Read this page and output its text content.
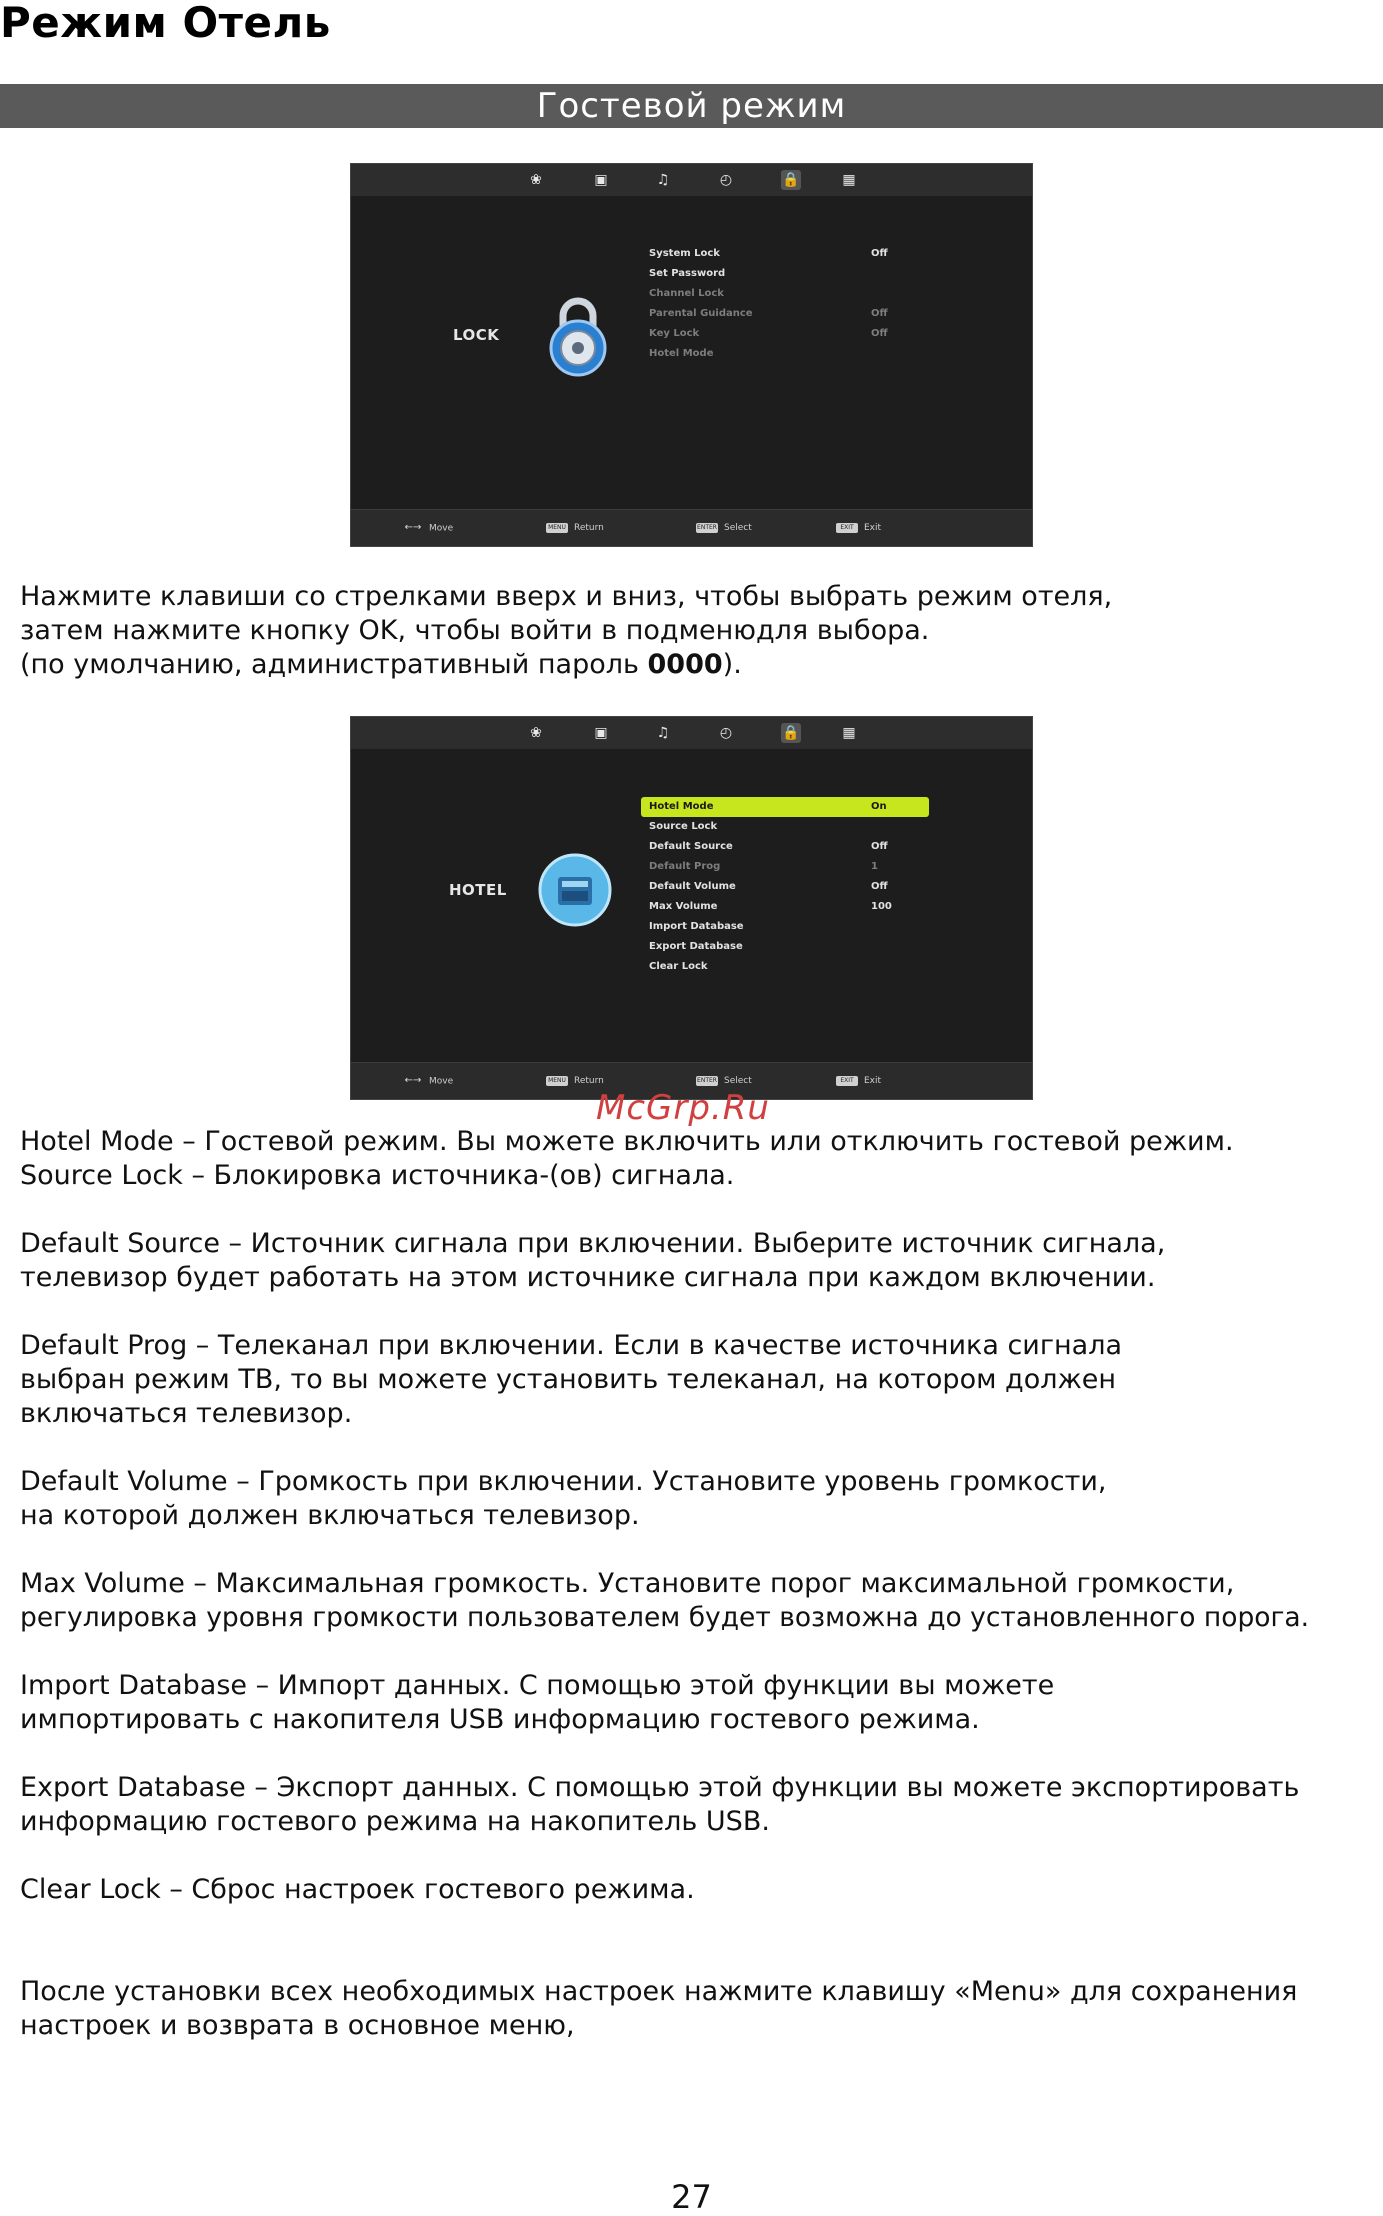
Режим Отель
Гостевой режим
❀	▣	♫	◴	🔒	▦
LOCK
System Lock	Off
Set Password
Channel Lock
Parental Guidance	Off
Key Lock	Off
Hotel Mode
←→ Move	MENU Return	ENTER Select	EXIT Exit
Нажмите клавиши со стрелками вверх и вниз, чтобы выбрать режим отеля,
затем нажмите кнопку OK, чтобы войти в подменюдля выбора.
(по умолчанию, административный пароль 0000).
❀	▣	♫	◴	🔒	▦
HOTEL
Hotel Mode	On
Source Lock
Default Source	Off
Default Prog	1
Default Volume	Off
Max Volume	100
Import Database
Export Database
Clear Lock
←→ Move	MENU Return	ENTER Select	EXIT Exit
McGrp.Ru
Hotel Mode – Гостевой режим. Вы можете включить или отключить гостевой режим.
Source Lock – Блокировка источника-(ов) сигнала.
Default Source – Источник сигнала при включении. Выберите источник сигнала,
телевизор будет работать на этом источнике сигнала при каждом включении.
Default Prog – Телеканал при включении. Если в качестве источника сигнала
выбран режим ТВ, то вы можете установить телеканал, на котором должен
включаться телевизор.
Default Volume – Громкость при включении. Установите уровень громкости,
на которой должен включаться телевизор.
Max Volume – Максимальная громкость. Установите порог максимальной громкости,
регулировка уровня громкости пользователем будет возможна до установленного порога.
Import Database – Импорт данных. С помощью этой функции вы можете
импортировать с накопителя USB информацию гостевого режима.
Export Database – Экспорт данных. С помощью этой функции вы можете экспортировать
информацию гостевого режима на накопитель USB.
Clear Lock – Сброс настроек гостевого режима.
После установки всех необходимых настроек нажмите клавишу «Menu» для сохранения
настроек и возврата в основное меню,
27
